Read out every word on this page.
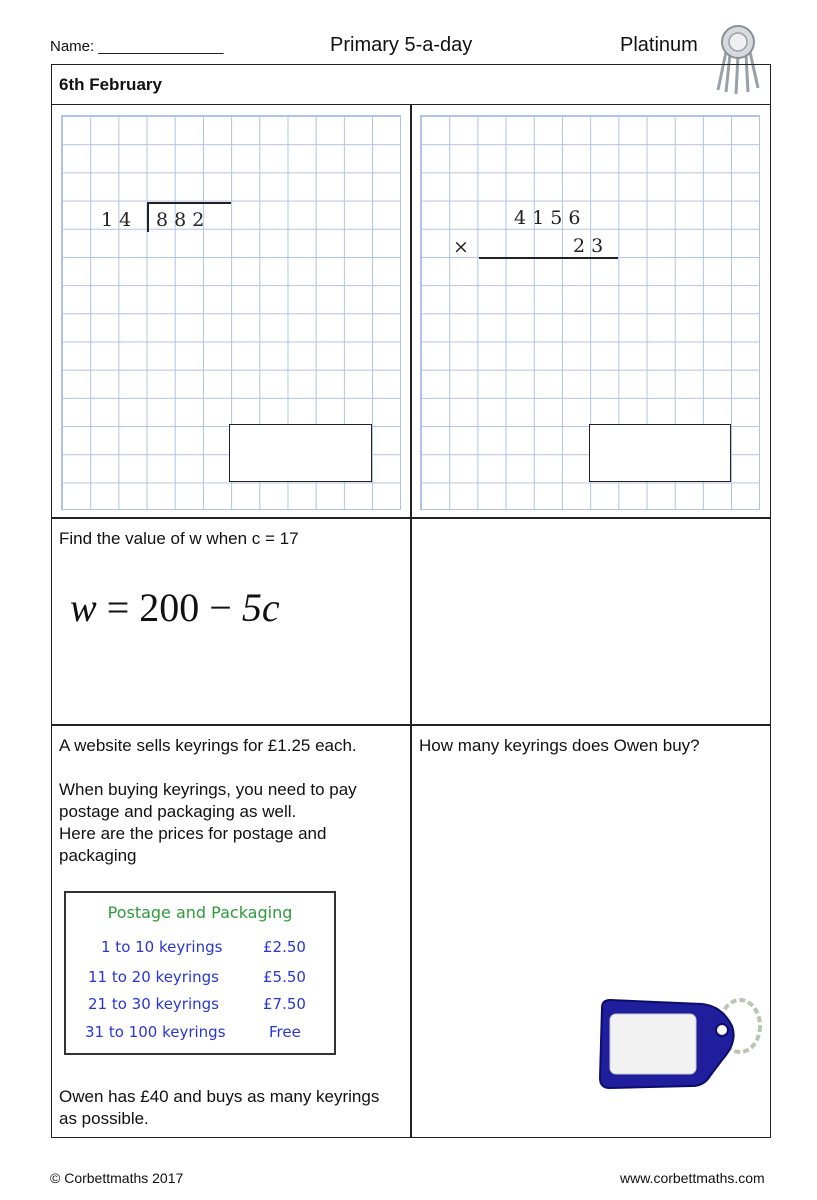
Name: _______________	Primary 5-a-day	Platinum
6th February
1 4 8 8 2	4 1 5 6
×	2 3
Find the value of w when c = 17
w = 200 − 5c
A website sells keyrings for £1.25 each.
When buying keyrings, you need to pay
postage and packaging as well.
Here are the prices for postage and
packaging
Postage and Packaging
1 to 10 keyrings	£2.50
11 to 20 keyrings	£5.50
21 to 30 keyrings	£7.50
31 to 100 keyrings	Free
Owen has £40 and buys as many keyrings
as possible.
How many keyrings does Owen buy?
© Corbettmaths 2017	www.corbettmaths.com
